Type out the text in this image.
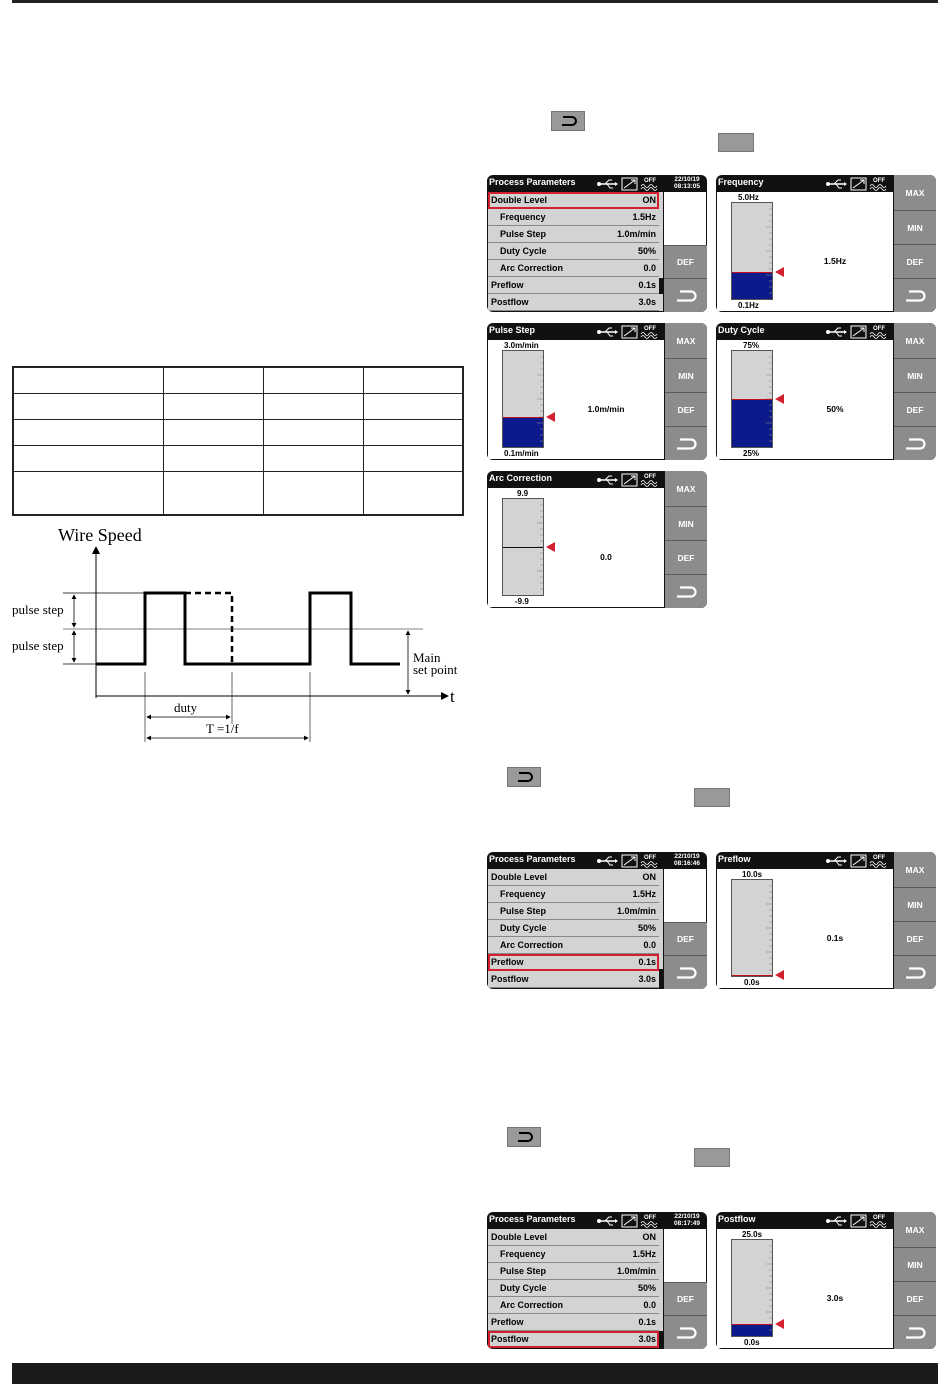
Wire Speed
t
pulse step
pulse step
Main
set point
duty
T =1/f
Process Parameters	OFF	22/10/19
08:13:05
Double Level	ON
Frequency	1.5Hz
Pulse Step	1.0m/min
Duty Cycle	50%
Arc Correction	0.0
Preflow	0.1s
Postflow	3.0s
DEF
Frequency	OFF
5.0Hz
1.5Hz
0.1Hz
MAX
MIN
DEF
Pulse Step	OFF
3.0m/min
1.0m/min
0.1m/min
MAX
MIN
DEF
Duty Cycle	OFF
75%
50%
25%
MAX
MIN
DEF
Arc Correction	OFF
9.9
0.0
-9.9
MAX
MIN
DEF
Process Parameters	OFF	22/10/19
08:16:46
Double Level	ON
Frequency	1.5Hz
Pulse Step	1.0m/min
Duty Cycle	50%
Arc Correction	0.0
Preflow	0.1s
Postflow	3.0s
DEF
Preflow	OFF
10.0s
0.1s
0.0s
MAX
MIN
DEF
Process Parameters	OFF	22/10/19
08:17:49
Double Level	ON
Frequency	1.5Hz
Pulse Step	1.0m/min
Duty Cycle	50%
Arc Correction	0.0
Preflow	0.1s
Postflow	3.0s
DEF
Postflow	OFF
25.0s
3.0s
0.0s
MAX
MIN
DEF
